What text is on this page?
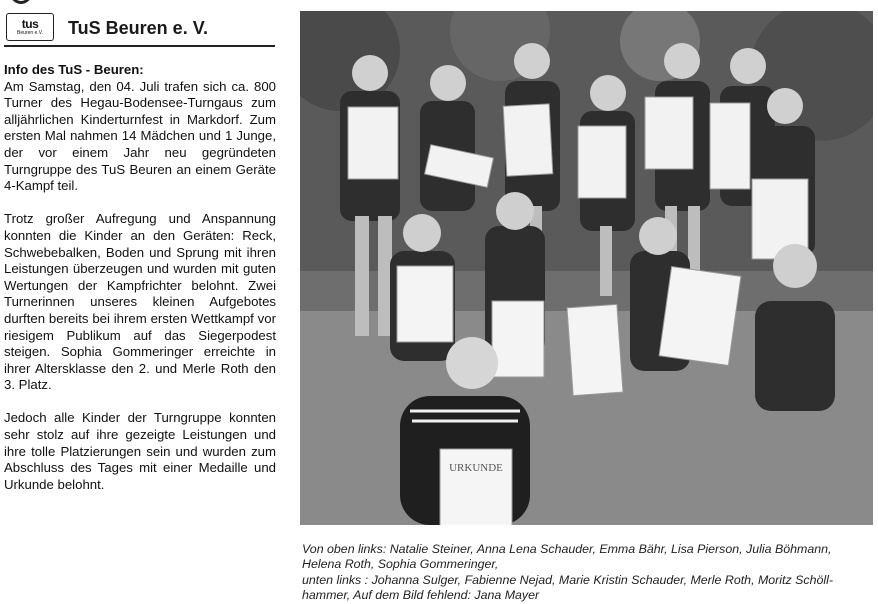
tus
Beuren e.V.	TuS Beuren e. V.

Info des TuS - Beuren:
Am Samstag, den 04. Juli trafen sich ca. 800 Turner des Hegau-Bodensee-Turngaus zum alljährlichen Kinderturnfest in Markdorf. Zum ersten Mal nahmen 14 Mädchen und 1 Junge, der vor einem Jahr neu gegründeten Turngruppe des TuS Beuren an einem Geräte 4-Kampf teil.

Trotz großer Aufregung und Anspannung konnten die Kinder an den Geräten: Reck, Schwebebalken, Boden und Sprung mit ihren Leistungen überzeugen und wurden mit guten Wertungen der Kampfrichter belohnt. Zwei Turnerinnen unseres kleinen Aufgebotes durften bereits bei ihrem ersten Wettkampf vor riesigem Publikum auf das Siegerpodest steigen. Sophia Gommeringer erreichte in ihrer Altersklasse den 2. und Merle Roth den 3. Platz.

Jedoch alle Kinder der Turngruppe konnten sehr stolz auf ihre gezeigte Leistungen und ihre tolle Platzierungen sein und wurden zum Abschluss des Tages mit einer Medaille und Urkunde belohnt.

URKUNDE
Von oben links: Natalie Steiner, Anna Lena Schauder, Emma Bähr, Lisa Pierson, Julia Böhmann,
Helena Roth, Sophia Gommeringer,
unten links : Johanna Sulger, Fabienne Nejad, Marie Kristin Schauder, Merle Roth, Moritz Schöll-
hammer, Auf dem Bild fehlend: Jana Mayer
